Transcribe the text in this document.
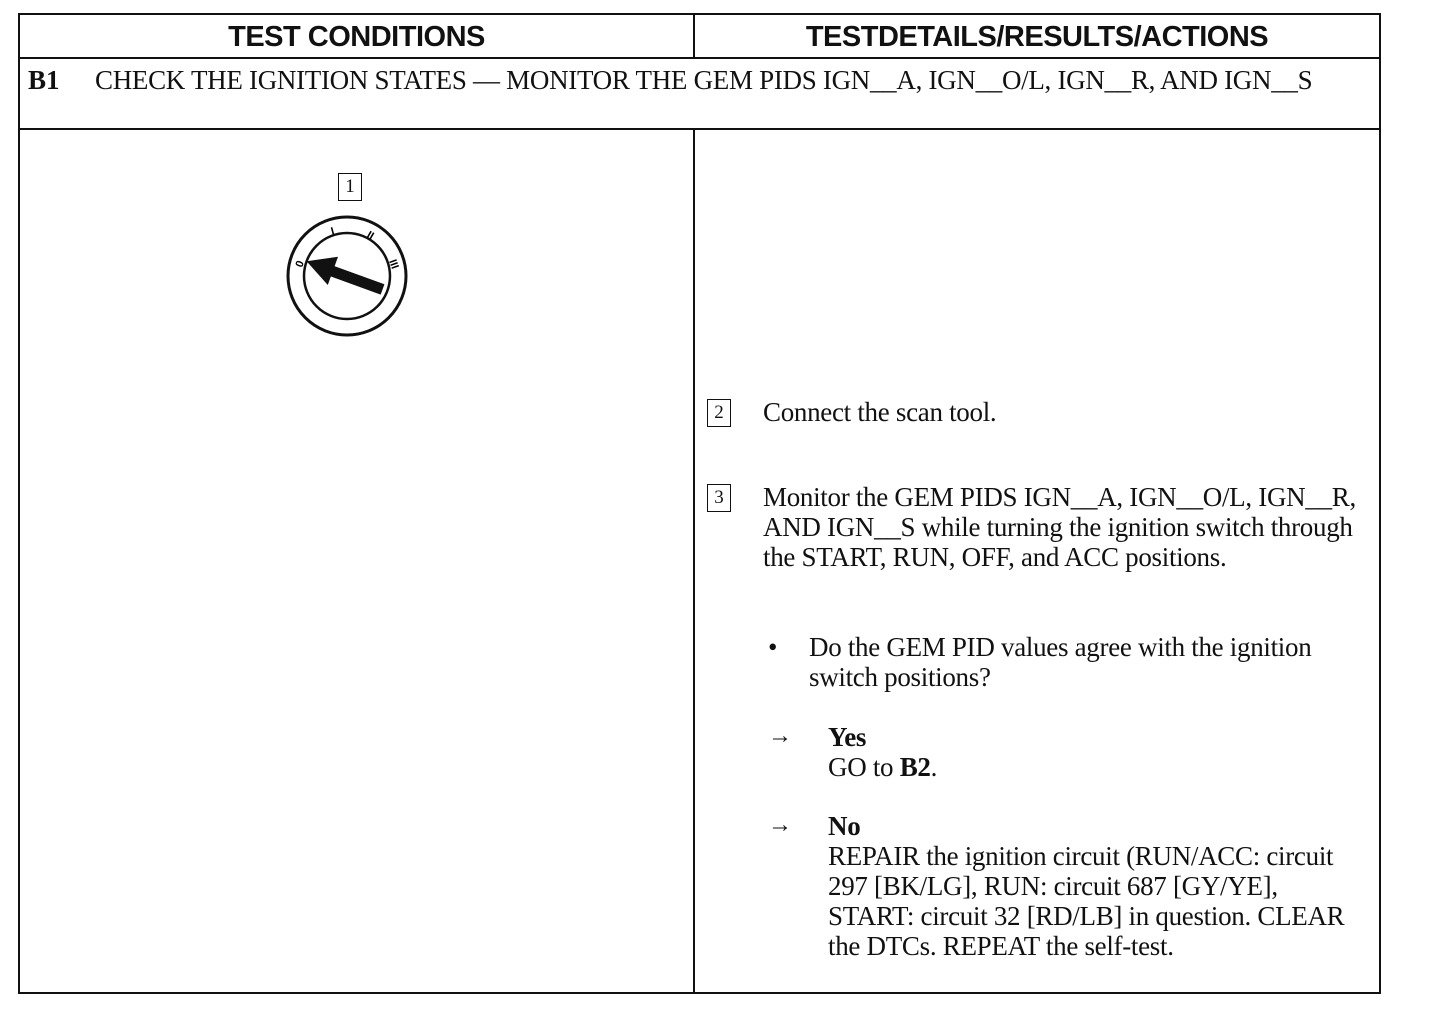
TEST CONDITIONS	TESTDETAILS/RESULTS/ACTIONS
B1 CHECK THE IGNITION STATES — MONITOR THE GEM PIDS IGN__A, IGN__O/L, IGN__R, AND IGN__S
1
0
I	II
III
2 Connect the scan tool.
3 Monitor the GEM PIDS IGN__A, IGN__O/L, IGN__R, AND IGN__S while turning the ignition switch through the START, RUN, OFF, and ACC positions.
• Do the GEM PID values agree with the ignition switch positions?
→ Yes
GO to B2.
→ No
REPAIR the ignition circuit (RUN/ACC: circuit 297 [BK/LG], RUN: circuit 687 [GY/YE], START: circuit 32 [RD/LB] in question. CLEAR the DTCs. REPEAT the self-test.
